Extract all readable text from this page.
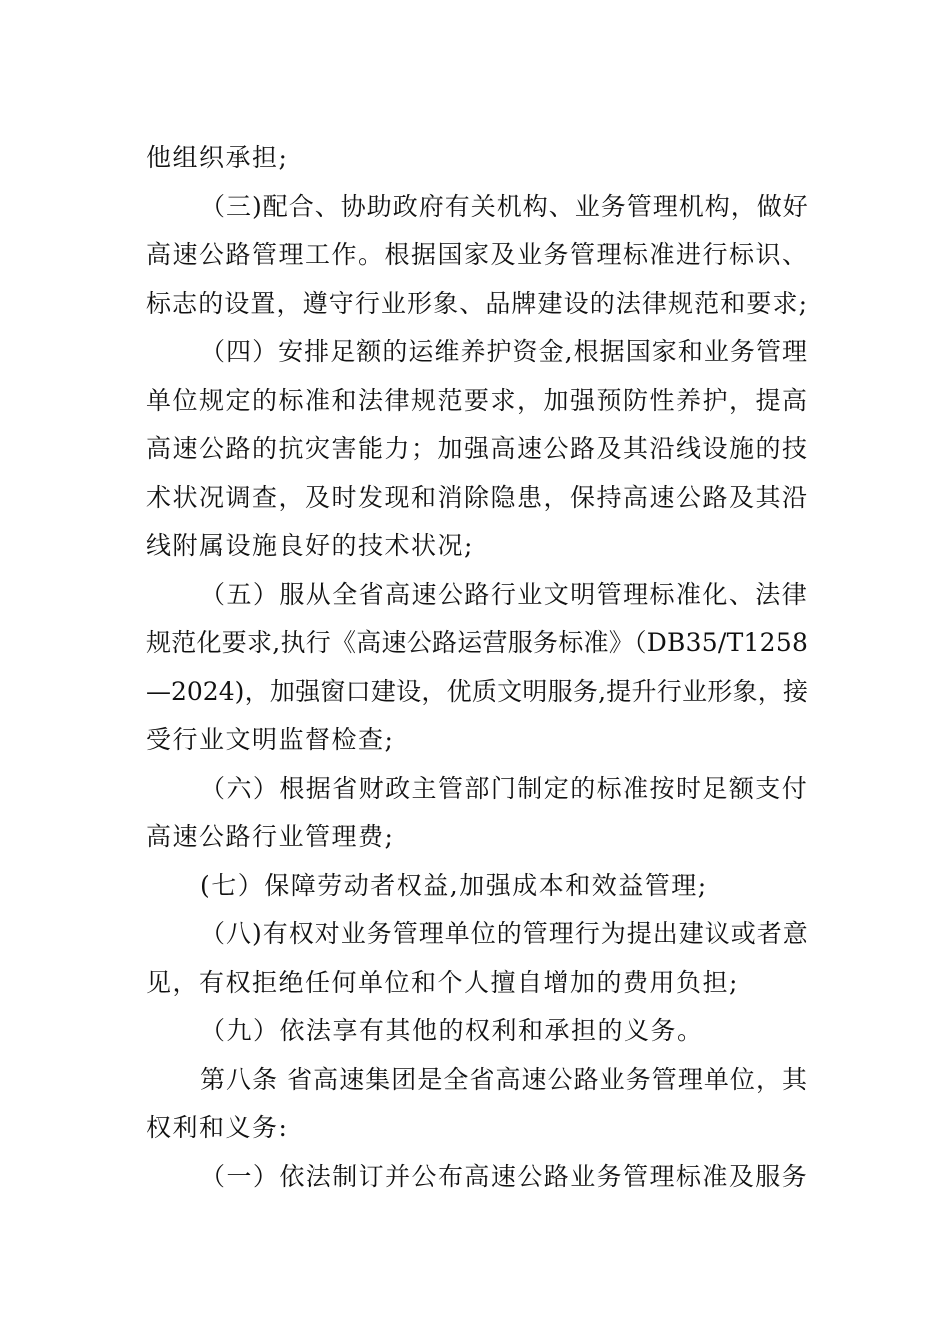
他组织承担;
（三)配合、协助政府有关机构、业务管理机构，做好
高速公路管理工作。根据国家及业务管理标准进行标识、
标志的设置，遵守行业形象、品牌建设的法律规范和要求;
（四）安排足额的运维养护资金,根据国家和业务管理
单位规定的标准和法律规范要求，加强预防性养护，提高
高速公路的抗灾害能力；加强高速公路及其沿线设施的技
术状况调查，及时发现和消除隐患，保持高速公路及其沿
线附属设施良好的技术状况;
（五）服从全省高速公路行业文明管理标准化、法律
规范化要求,执行《高速公路运营服务标准》（DB35/T1258
—2024)，加强窗口建设，优质文明服务,提升行业形象，接
受行业文明监督检查;
（六）根据省财政主管部门制定的标准按时足额支付
高速公路行业管理费;
(七）保障劳动者权益,加强成本和效益管理;
（八)有权对业务管理单位的管理行为提出建议或者意
见，有权拒绝任何单位和个人擅自增加的费用负担;
（九）依法享有其他的权利和承担的义务。
第八条 省高速集团是全省高速公路业务管理单位，其
权利和义务:
（一）依法制订并公布高速公路业务管理标准及服务
